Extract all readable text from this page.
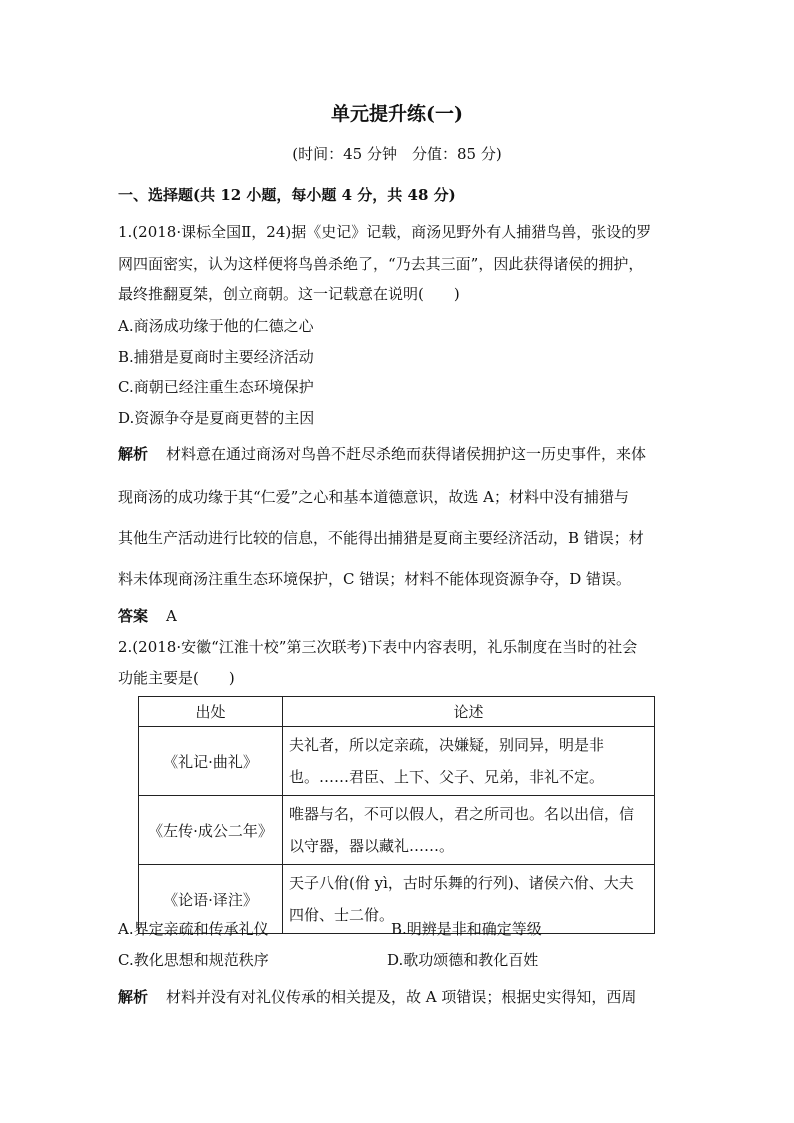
单元提升练(一)
(时间：45 分钟　分值：85 分)
一、选择题(共 12 小题，每小题 4 分，共 48 分)
1.(2018·课标全国Ⅱ，24)据《史记》记载，商汤见野外有人捕猎鸟兽，张设的罗
网四面密实，认为这样便将鸟兽杀绝了，“乃去其三面”，因此获得诸侯的拥护，
最终推翻夏桀，创立商朝。这一记载意在说明(　　)
A.商汤成功缘于他的仁德之心
B.捕猎是夏商时主要经济活动
C.商朝已经注重生态环境保护
D.资源争夺是夏商更替的主因
解析 材料意在通过商汤对鸟兽不赶尽杀绝而获得诸侯拥护这一历史事件，来体
现商汤的成功缘于其“仁爱”之心和基本道德意识，故选 A；材料中没有捕猎与
其他生产活动进行比较的信息，不能得出捕猎是夏商主要经济活动，B 错误；材
料未体现商汤注重生态环境保护，C 错误；材料不能体现资源争夺，D 错误。
答案 A
2.(2018·安徽“江淮十校”第三次联考)下表中内容表明，礼乐制度在当时的社会
功能主要是(　　)
出处	论述
《礼记·曲礼》	夫礼者，所以定亲疏，决嫌疑，别同异，明是非
也。……君臣、上下、父子、兄弟，非礼不定。

《左传·成公二年》	唯器与名，不可以假人，君之所司也。名以出信，信
以守器，器以藏礼……。

《论语·译注》	天子八佾(佾 yì，古时乐舞的行列)、诸侯六佾、大夫
四佾、士二佾。
A.界定亲疏和传承礼仪	B.明辨是非和确定等级
C.教化思想和规范秩序	D.歌功颂德和教化百姓
解析 材料并没有对礼仪传承的相关提及，故 A 项错误；根据史实得知，西周
